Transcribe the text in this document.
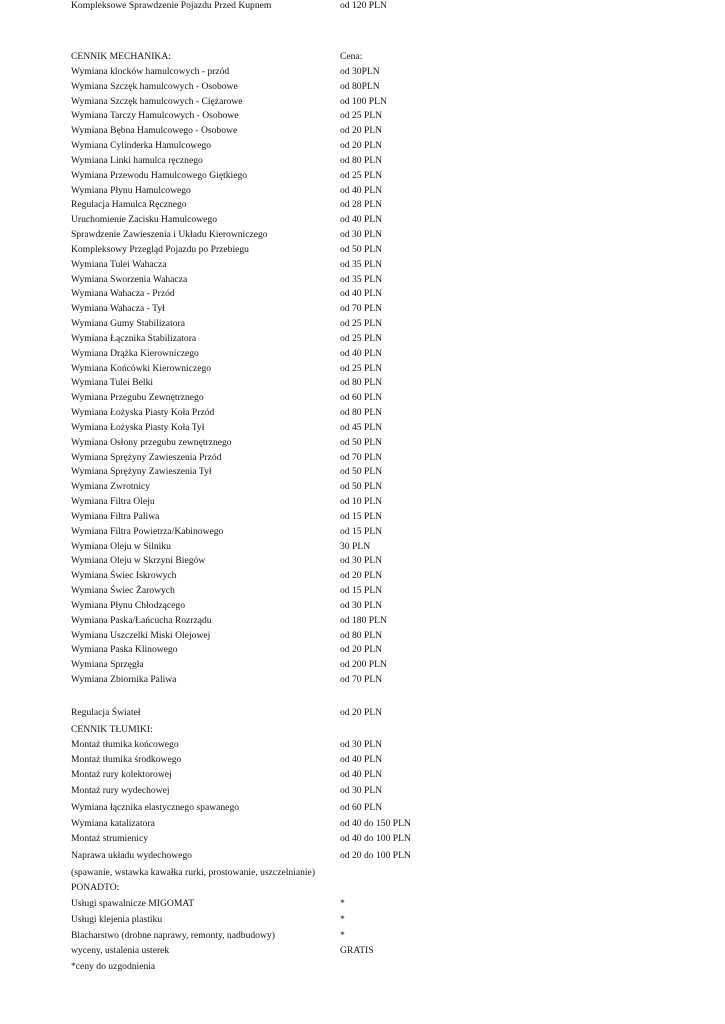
CENNIK MECHANIKA:	Cena:
Wymiana klocków hamulcowych - przód	od 30PLN
Wymiana Szczęk hamulcowych - Osobowe	od 80PLN
Wymiana Szczęk hamulcowych - Ciężarowe	od 100 PLN
Wymiana Tarczy Hamulcowych - Osobowe	od 25 PLN
Wymiana Bębna Hamulcowego - Osobowe	od 20 PLN
Wymiana Cylinderka Hamulcowego	od 20 PLN
Wymiana Linki hamulca ręcznego	od 80 PLN
Wymiana Przewodu Hamulcowego Giętkiego	od 25 PLN
Wymiana Płynu Hamulcowego	od 40 PLN
Regulacja Hamulca Ręcznego	od 28 PLN
Uruchomienie Zacisku Hamulcowego	od 40 PLN
Sprawdzenie Zawieszenia i Układu Kierowniczego	od 30 PLN
Kompleksowy Przegląd Pojazdu po Przebiegu	od 50 PLN
Wymiana Tulei Wahacza	od 35 PLN
Wymiana Sworzenia Wahacza	od 35 PLN
Wymiana Wahacza - Przód	od 40 PLN
Wymiana Wahacza - Tył	od 70 PLN
Wymiana Gumy Stabilizatora	od 25 PLN
Wymiana Łącznika Stabilizatora	od 25 PLN
Wymiana Drążka Kierowniczego	od 40 PLN
Wymiana Końcówki Kierowniczego	od 25 PLN
Wymiana Tulei Belki	od 80 PLN
Wymiana Przegubu Zewnętrznego	od 60 PLN
Wymiana Łożyska Piasty Koła Przód	od 80 PLN
Wymiana Łożyska Piasty Koła Tył	od 45 PLN
Wymiana Osłony przegubu zewnętrznego	od 50 PLN
Wymiana Sprężyny Zawieszenia Przód	od 70 PLN
Wymiana Sprężyny Zawieszenia Tył	od 50 PLN
Wymiana Zwrotnicy	od 50 PLN
Wymiana Filtra Oleju	od 10 PLN
Wymiana Filtra Paliwa	od 15 PLN
Wymiana Filtra Powietrza/Kabinowego	od 15 PLN
Wymiana Oleju w Silniku	30 PLN
Wymiana Oleju w Skrzyni Biegów	od 30 PLN
Wymiana Świec Iskrowych	od 20 PLN
Wymiana Świec Żarowych	od 15 PLN
Wymiana Płynu Chłodzącego	od 30 PLN
Wymiana Paska/Łańcucha Rozrządu	od 180 PLN
Wymiana Uszczelki Miski Olejowej	od 80 PLN
Wymiana Paska Klinowego	od 20 PLN
Wymiana Sprzęgła	od 200 PLN
Wymiana Zbiornika Paliwa	od 70 PLN
Regulacja Świateł	od 20 PLN
Kompleksowe Sprawdzenie Pojazdu Przed Kupnem	od 120 PLN
CENNIK TŁUMIKI:
Montaż tłumika końcowego	od 30 PLN
Montaż tłumika środkowego	od 40 PLN
Montaż rury kolektorowej	od 40 PLN
Montaż rury wydechowej	od 30 PLN
Wymiana łącznika elastycznego spawanego	od 60 PLN
Wymiana katalizatora	od 40 do 150 PLN
Montaż strumienicy	od 40 do 100 PLN
Naprawa układu wydechowego	od 20 do 100 PLN
(spawanie, wstawka kawałka rurki, prostowanie, uszczelnianie)
PONADTO:
Usługi spawalnicze MIGOMAT	*
Usługi klejenia plastiku	*
Blacharstwo (drobne naprawy, remonty, nadbudowy)	*
wyceny, ustalenia usterek	GRATIS
*ceny do uzgodnienia
